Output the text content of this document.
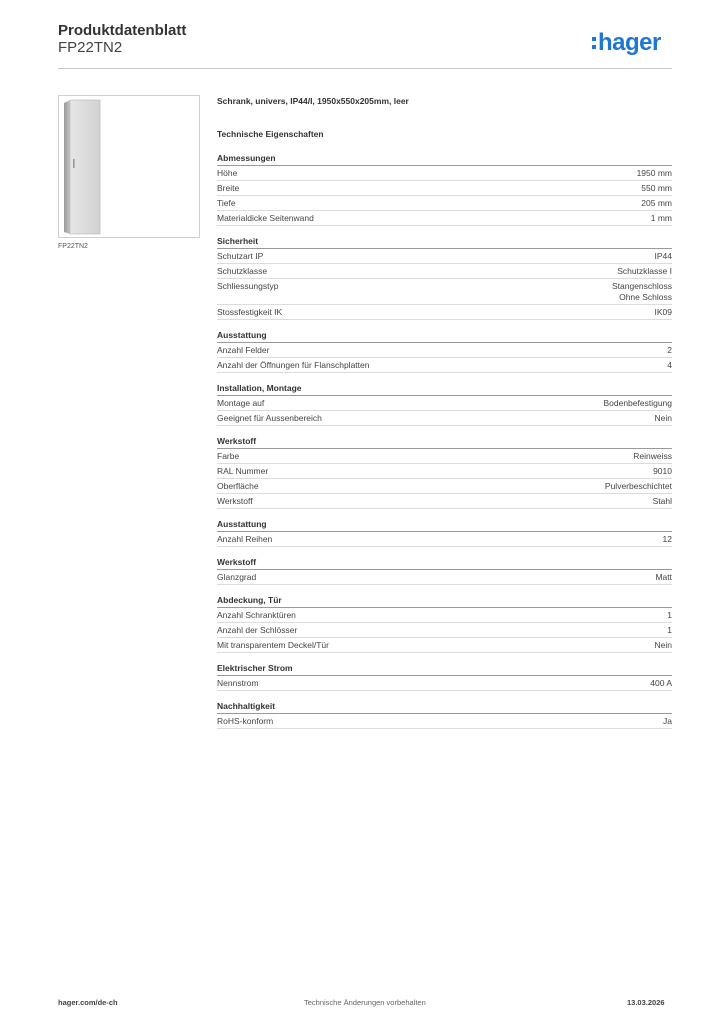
Produktdatenblatt
FP22TN2	hager
FP22TN2
Schrank, univers, IP44/I, 1950x550x205mm, leer
Technische Eigenschaften
Abmessungen
Höhe	1950 mm
Breite	550 mm
Tiefe	205 mm
Materialdicke Seitenwand	1 mm
Sicherheit
Schutzart IP	IP44
Schutzklasse	Schutzklasse I
Schliessungstyp	Stangenschloss
Ohne Schloss
Stossfestigkeit IK	IK09
Ausstattung
Anzahl Felder	2
Anzahl der Öffnungen für Flanschplatten	4
Installation, Montage
Montage auf	Bodenbefestigung
Geeignet für Aussenbereich	Nein
Werkstoff
Farbe	Reinweiss
RAL Nummer	9010
Oberfläche	Pulverbeschichtet
Werkstoff	Stahl
Ausstattung
Anzahl Reihen	12
Werkstoff
Glanzgrad	Matt
Abdeckung, Tür
Anzahl Schranktüren	1
Anzahl der Schlösser	1
Mit transparentem Deckel/Tür	Nein
Elektrischer Strom
Nennstrom	400 A
Nachhaltigkeit
RoHS-konform	Ja
hager.com/de-ch	Technische Änderungen vorbehalten	13.03.2026
